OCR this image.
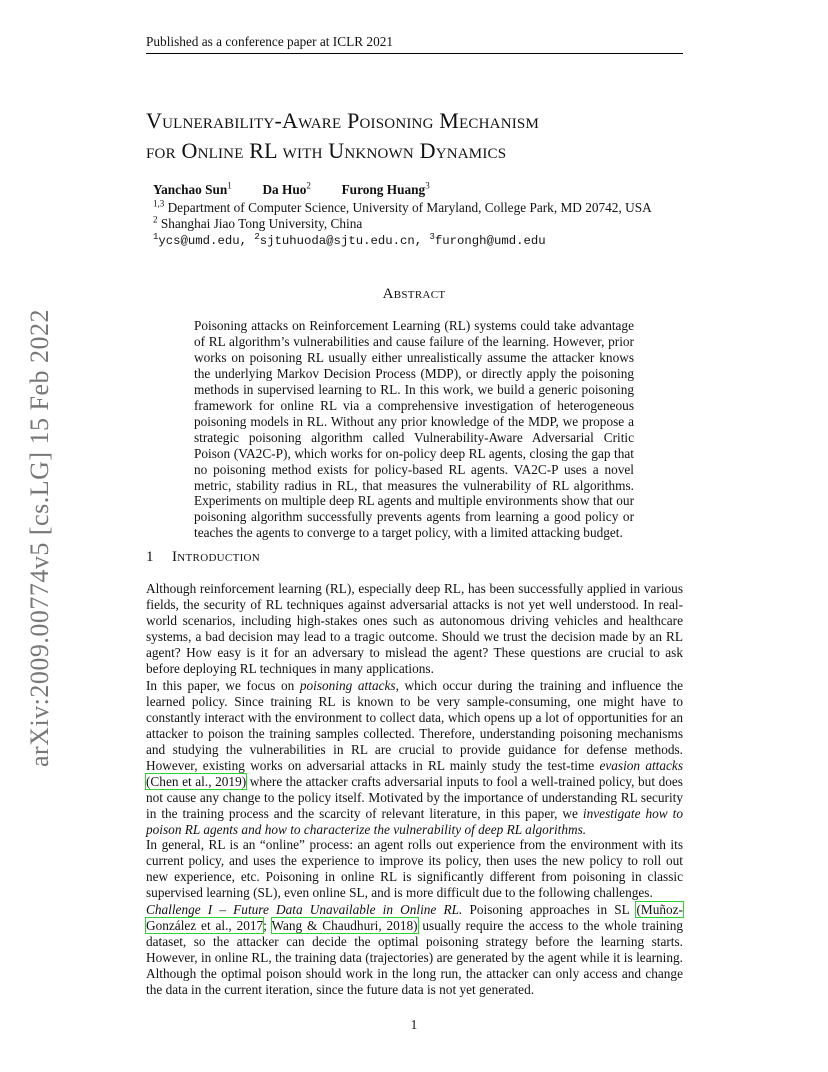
Published as a conference paper at ICLR 2021
arXiv:2009.00774v5 [cs.LG] 15 Feb 2022
Vulnerability-Aware Poisoning Mechanism
for Online RL with Unknown Dynamics
Yanchao Sun$^1$ Da Huo$^2$ Furong Huang$^3$
$^{1,3}$ Department of Computer Science, University of Maryland, College Park, MD 20742, USA
$^2$ Shanghai Jiao Tong University, China
$^1$ycs@umd.edu, $^2$sjtuhuoda@sjtu.edu.cn, $^3$furongh@umd.edu
Abstract
Poisoning attacks on Reinforcement Learning (RL) systems could take advantage of RL algorithm’s vulnerabilities and cause failure of the learning. However, prior works on poisoning RL usually either unrealistically assume the attacker knows the underlying Markov Decision Process (MDP), or directly apply the poisoning methods in supervised learning to RL. In this work, we build a generic poisoning framework for online RL via a comprehensive investigation of heterogeneous poisoning models in RL. Without any prior knowledge of the MDP, we propose a strategic poisoning algorithm called Vulnerability-Aware Adversarial Critic Poison (VA2C-P), which works for on-policy deep RL agents, closing the gap that no poisoning method exists for policy-based RL agents. VA2C-P uses a novel metric, stability radius in RL, that measures the vulnerability of RL algorithms. Experiments on multiple deep RL agents and multiple environments show that our poisoning algorithm successfully prevents agents from learning a good policy or teaches the agents to converge to a target policy, with a limited attacking budget.
1 Introduction
Although reinforcement learning (RL), especially deep RL, has been successfully applied in various fields, the security of RL techniques against adversarial attacks is not yet well understood. In real-world scenarios, including high-stakes ones such as autonomous driving vehicles and healthcare systems, a bad decision may lead to a tragic outcome. Should we trust the decision made by an RL agent? How easy is it for an adversary to mislead the agent? These questions are crucial to ask before deploying RL techniques in many applications.
In this paper, we focus on poisoning attacks, which occur during the training and influence the learned policy. Since training RL is known to be very sample-consuming, one might have to constantly interact with the environment to collect data, which opens up a lot of opportunities for an attacker to poison the training samples collected. Therefore, understanding poisoning mechanisms and studying the vulnerabilities in RL are crucial to provide guidance for defense methods. However, existing works on adversarial attacks in RL mainly study the test-time evasion attacks (Chen et al., 2019) where the attacker crafts adversarial inputs to fool a well-trained policy, but does not cause any change to the policy itself. Motivated by the importance of understanding RL security in the training process and the scarcity of relevant literature, in this paper, we investigate how to poison RL agents and how to characterize the vulnerability of deep RL algorithms.
In general, RL is an “online” process: an agent rolls out experience from the environment with its current policy, and uses the experience to improve its policy, then uses the new policy to roll out new experience, etc. Poisoning in online RL is significantly different from poisoning in classic supervised learning (SL), even online SL, and is more difficult due to the following challenges.
Challenge I – Future Data Unavailable in Online RL. Poisoning approaches in SL (Muñoz-González et al., 2017; Wang & Chaudhuri, 2018) usually require the access to the whole training dataset, so the attacker can decide the optimal poisoning strategy before the learning starts. However, in online RL, the training data (trajectories) are generated by the agent while it is learning. Although the optimal poison should work in the long run, the attacker can only access and change the data in the current iteration, since the future data is not yet generated.
1
